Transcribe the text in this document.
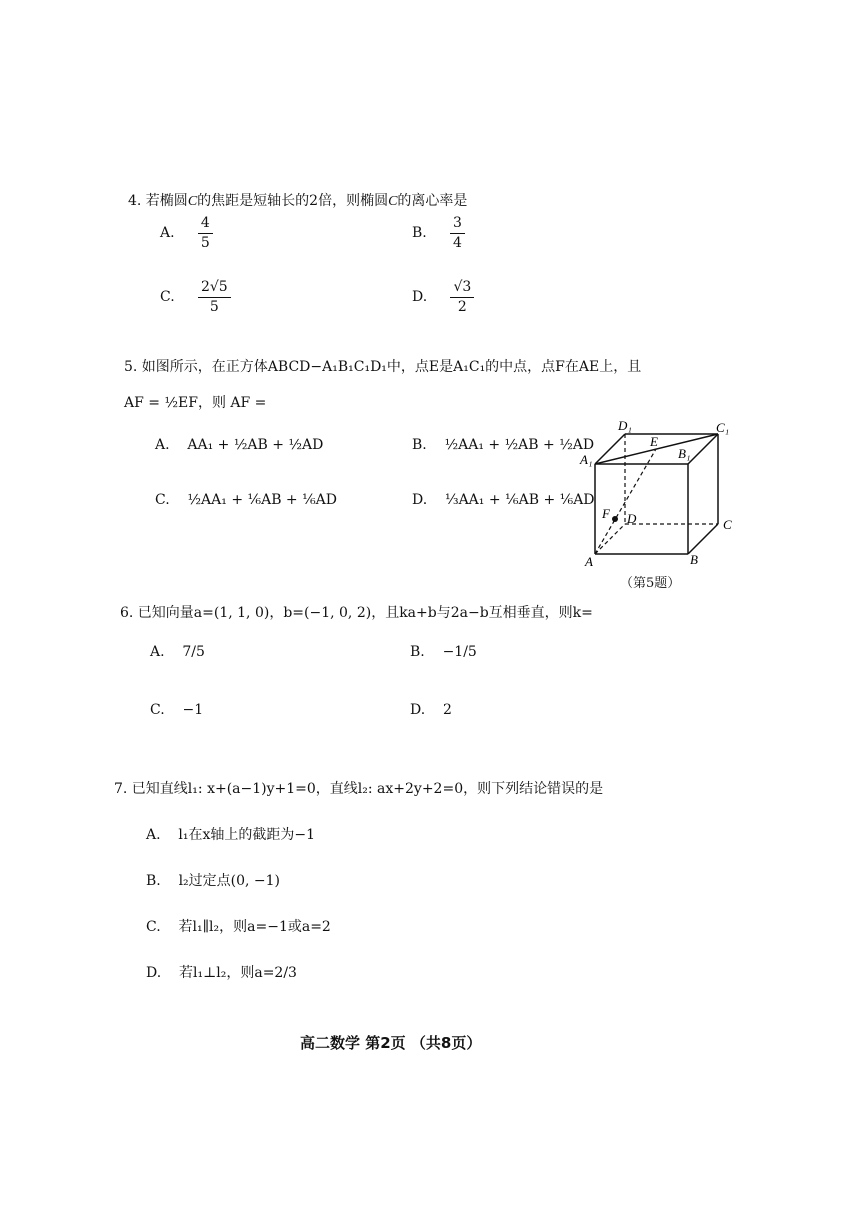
4. 若椭圆C的焦距是短轴长的2倍，则椭圆C的离心率是
A. $\frac{4}{5}$	B. $\frac{3}{4}$
C. $\frac{2√5}{5}$	D. $\frac{√3}{2}$
5. 如图所示，在正方体ABCD−A₁B₁C₁D₁中，点E是A₁C₁的中点，点F在AE上，且
AF = ½EF，则 AF =
A. AA₁ + ½AB + ½AD	B. ½AA₁ + ½AB + ½AD
C. ½AA₁ + ⅙AB + ⅙AD	D. ⅓AA₁ + ⅙AB + ⅙AD
D₁	C₁
E
A₁	B₁
F D	C
A	B
（第5题）
6. 已知向量a=(1, 1, 0)，b=(−1, 0, 2)，且ka+b与2a−b互相垂直，则k=
A. 7/5	B. −1/5
C. −1	D. 2
7. 已知直线l₁: x+(a−1)y+1=0，直线l₂: ax+2y+2=0，则下列结论错误的是
A. l₁在x轴上的截距为−1
B. l₂过定点(0, −1)
C. 若l₁∥l₂，则a=−1或a=2
D. 若l₁⊥l₂，则a=2/3
高二数学 第2页 （共8页）
